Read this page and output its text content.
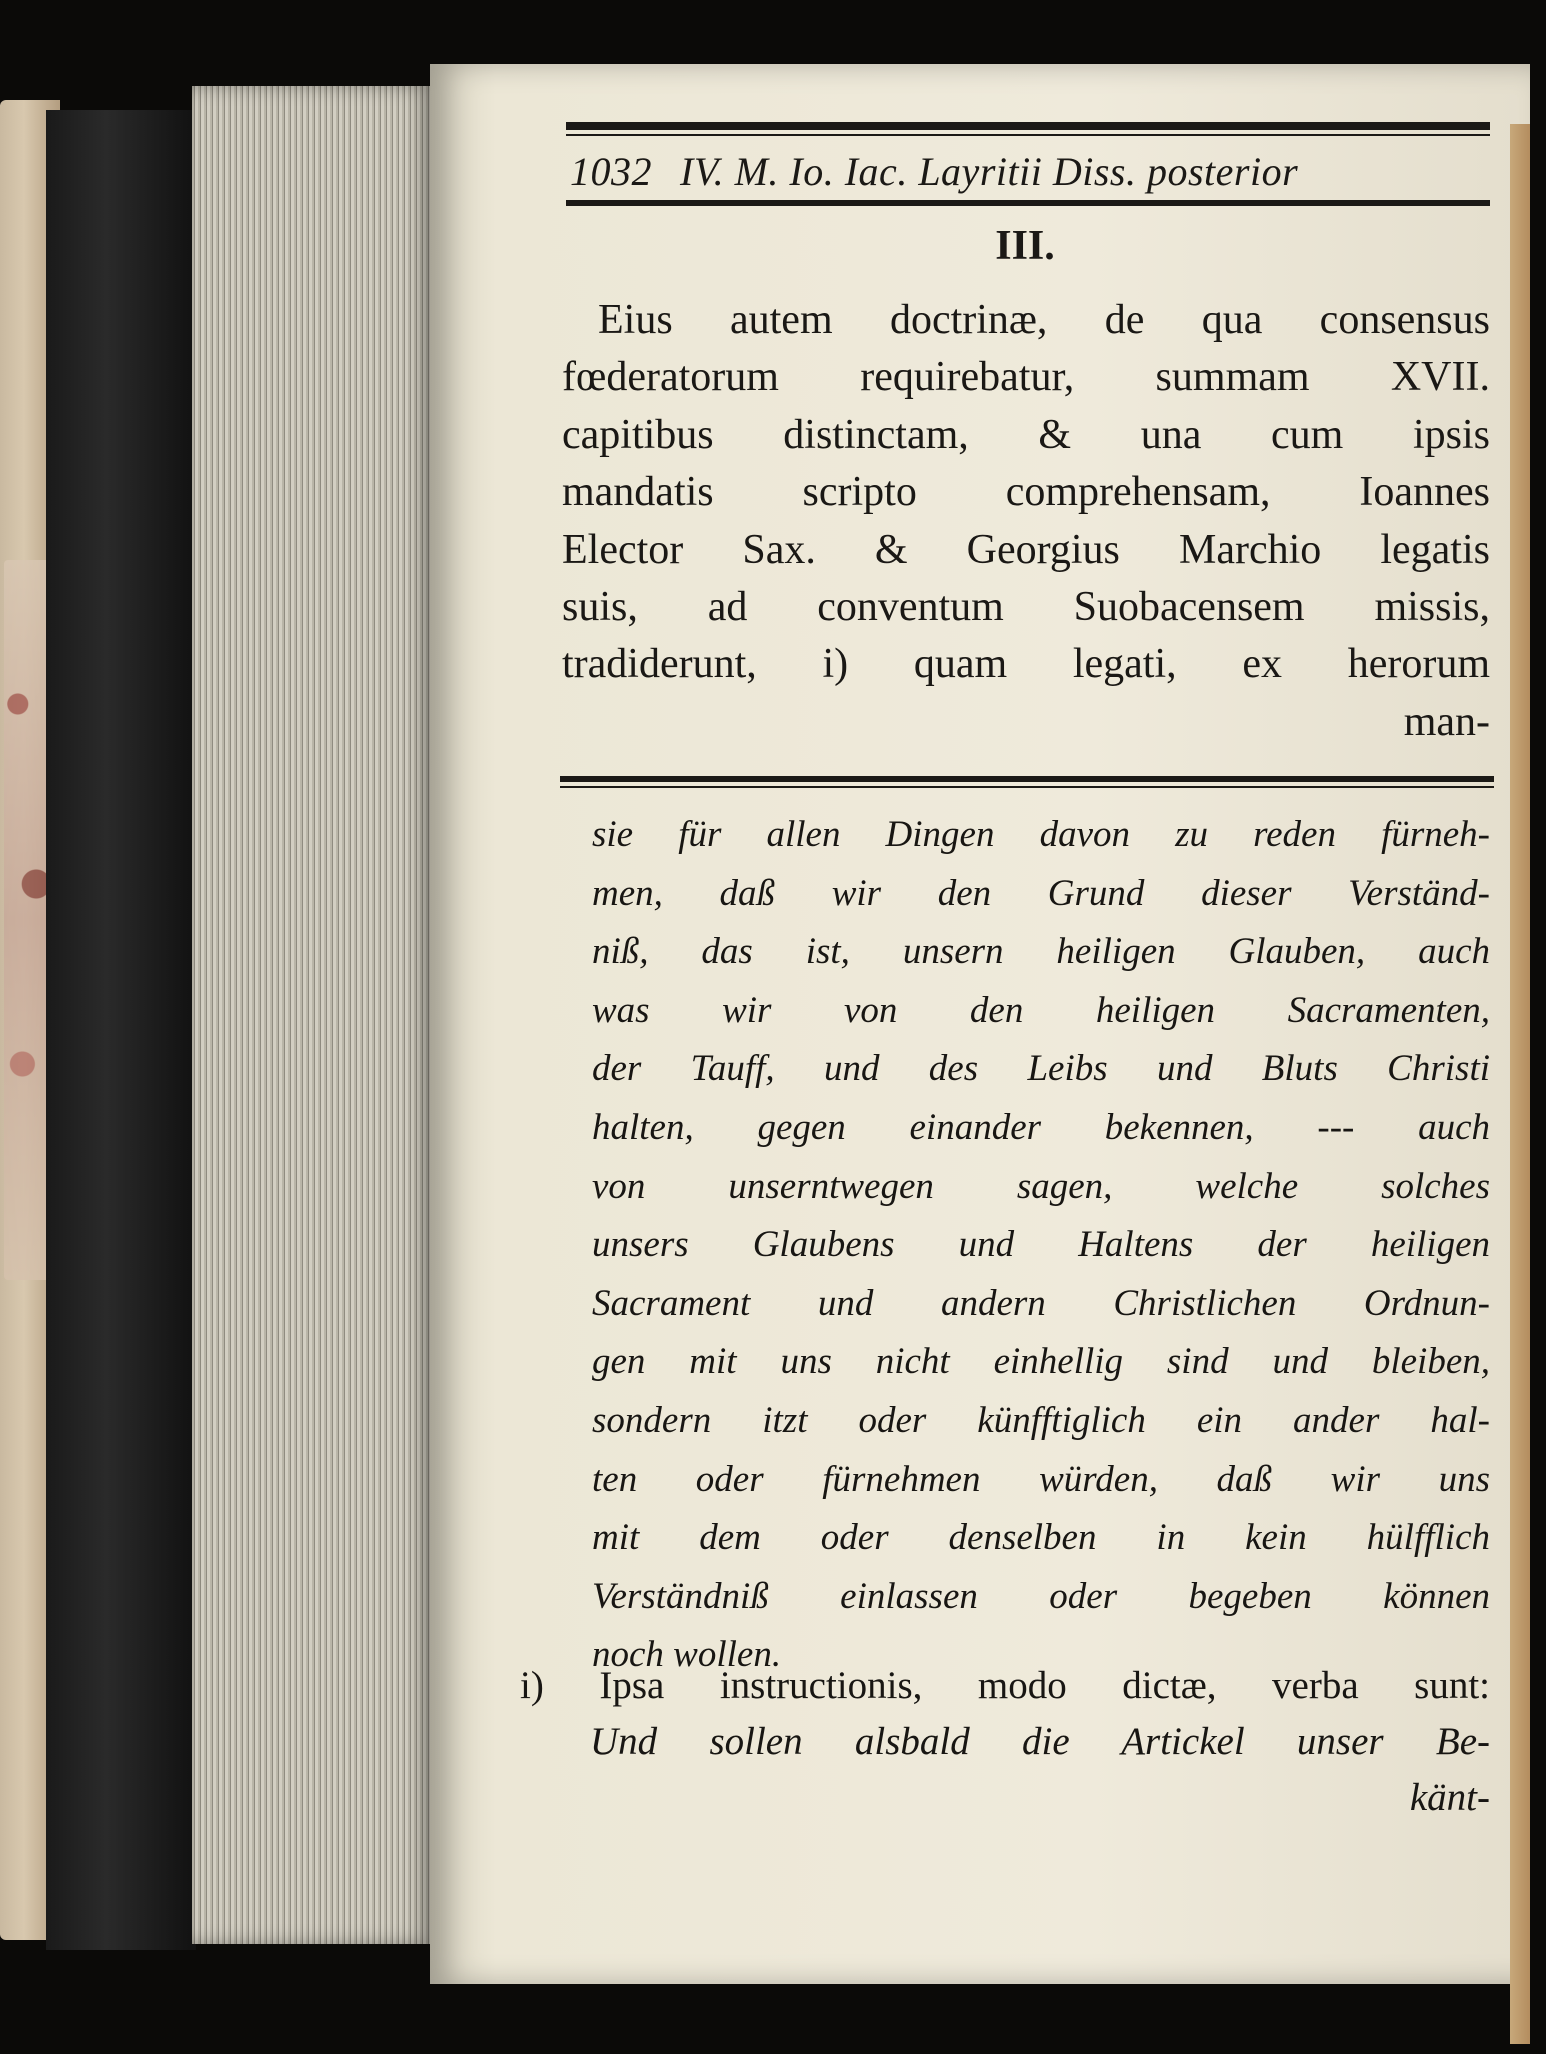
1032 IV. M. Io. Iac. Layritii Diss. posterior
III.
Eius autem doctrinæ, de qua consensus
fœderatorum requirebatur, summam XVII.
capitibus distinctam, & una cum ipsis
mandatis scripto comprehensam, Ioannes
Elector Sax. & Georgius Marchio legatis
suis, ad conventum Suobacensem missis,
tradiderunt, i) quam legati, ex herorum
man-
sie für allen Dingen davon zu reden fürneh-
men, daß wir den Grund dieser Verständ-
niß, das ist, unsern heiligen Glauben, auch
was wir von den heiligen Sacramenten,
der Tauff, und des Leibs und Bluts Christi
halten, gegen einander bekennen, --- auch
von unserntwegen sagen, welche solches
unsers Glaubens und Haltens der heiligen
Sacrament und andern Christlichen Ordnun-
gen mit uns nicht einhellig sind und bleiben,
sondern itzt oder künfftiglich ein ander hal-
ten oder fürnehmen würden, daß wir uns
mit dem oder denselben in kein hülfflich
Verständniß einlassen oder begeben können
noch wollen.
i) Ipsa instructionis, modo dictæ, verba sunt:
Und sollen alsbald die Artickel unser Be-
känt-
